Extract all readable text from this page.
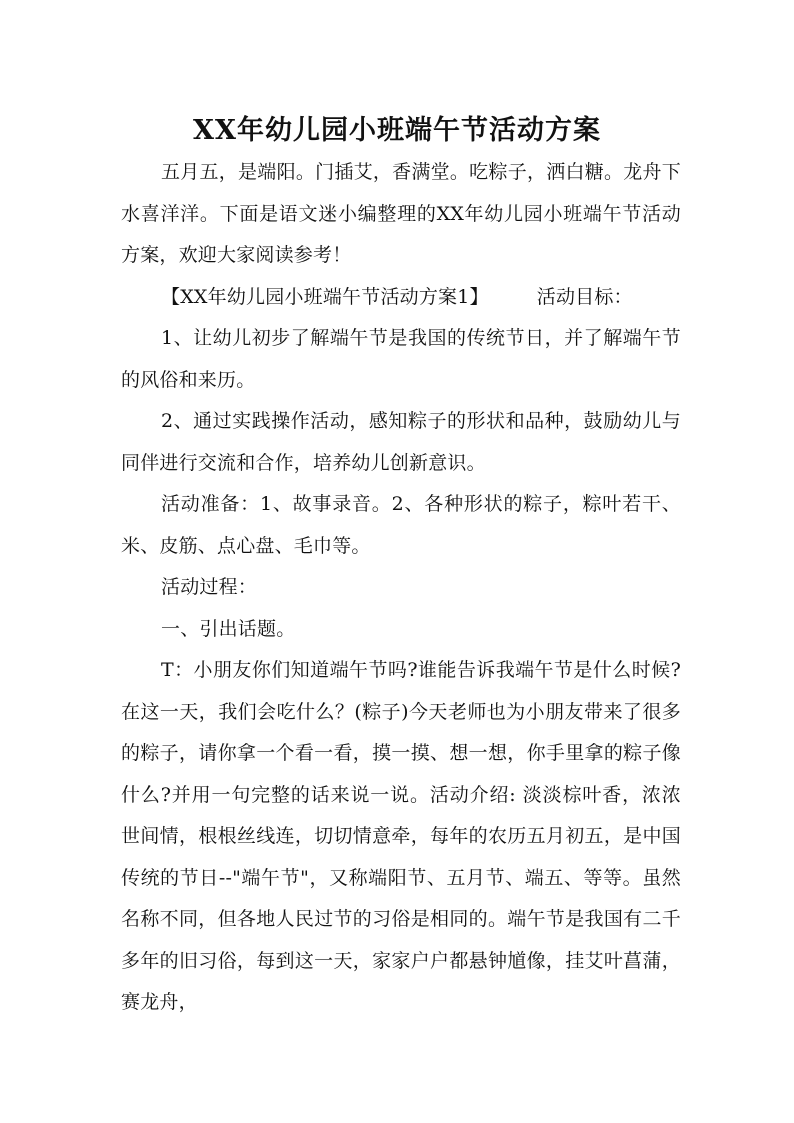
XX年幼儿园小班端午节活动方案

五月五，是端阳。门插艾，香满堂。吃粽子，洒白糖。龙舟下水喜洋洋。下面是语文迷小编整理的XX年幼儿园小班端午节活动方案，欢迎大家阅读参考！

【XX年幼儿园小班端午节活动方案1】	活动目标：

1、让幼儿初步了解端午节是我国的传统节日，并了解端午节的风俗和来历。

2、通过实践操作活动，感知粽子的形状和品种，鼓励幼儿与同伴进行交流和合作，培养幼儿创新意识。

活动准备：1、故事录音。2、各种形状的粽子，粽叶若干、米、皮筋、点心盘、毛巾等。

活动过程：

一、引出话题。

T：小朋友你们知道端午节吗?谁能告诉我端午节是什么时候?在这一天，我们会吃什么？(粽子)今天老师也为小朋友带来了很多的粽子，请你拿一个看一看，摸一摸、想一想，你手里拿的粽子像什么?并用一句完整的话来说一说。活动介绍: 淡淡棕叶香，浓浓世间情，根根丝线连，切切情意牵，每年的农历五月初五，是中国传统的节日--"端午节"，又称端阳节、五月节、端五、等等。虽然名称不同，但各地人民过节的习俗是相同的。端午节是我国有二千多年的旧习俗，每到这一天，家家户户都悬钟馗像，挂艾叶菖蒲，赛龙舟，
